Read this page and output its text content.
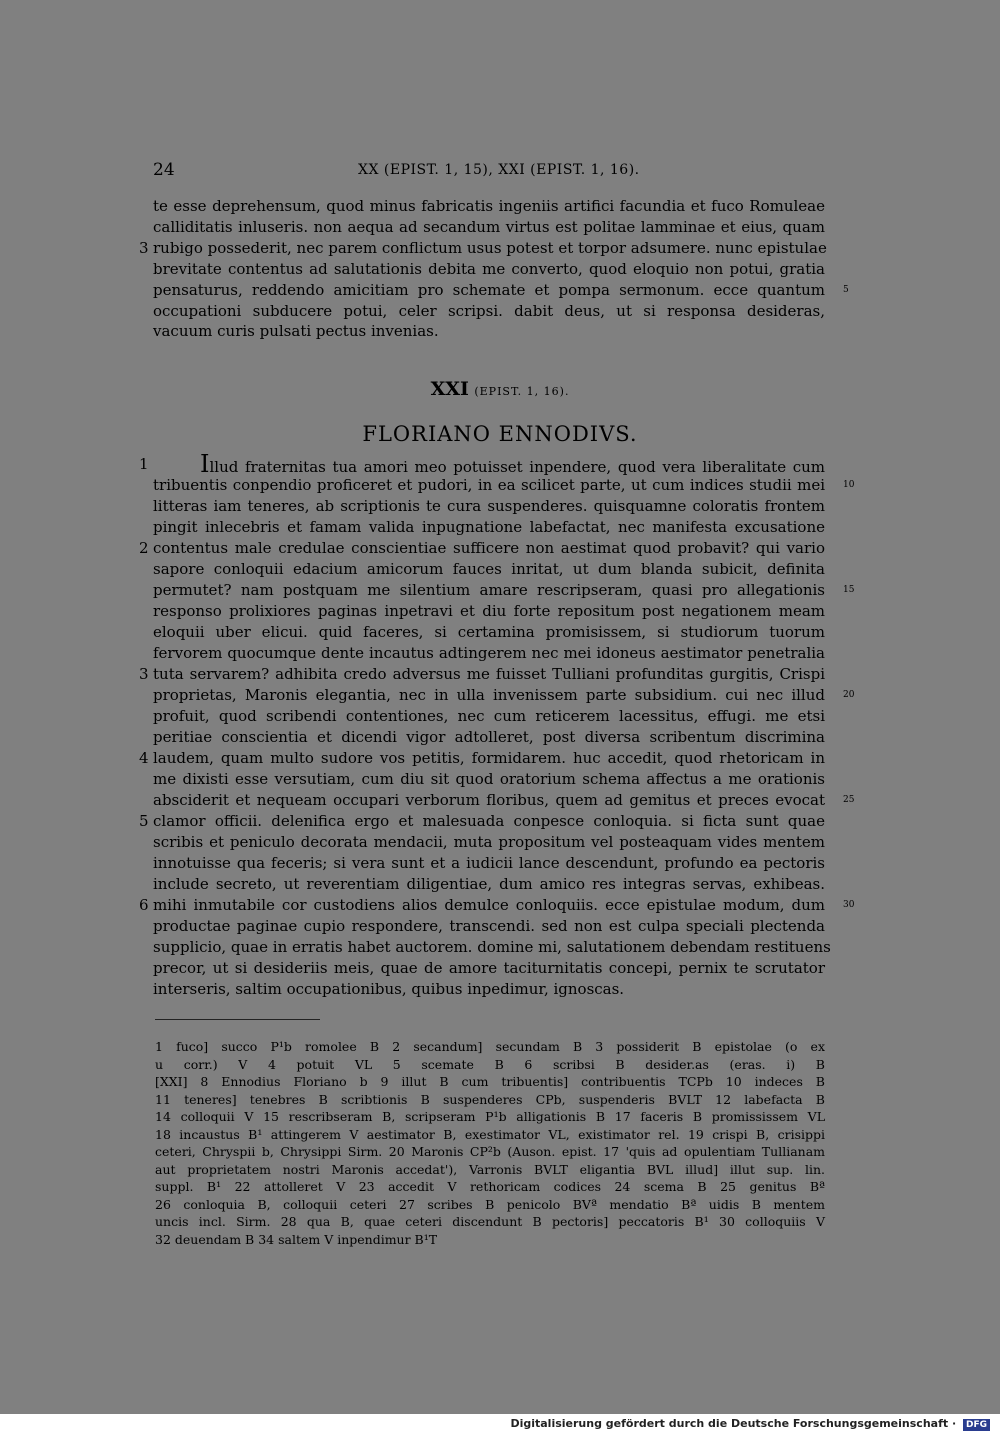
24	XX (EPIST. 1, 15), XXI (EPIST. 1, 16).
te esse deprehensum, quod minus fabricatis ingeniis artifici facundia et fuco Romuleae
calliditatis inluseris. non aequa ad secandum virtus est politae lamminae et eius, quam
rubigo possederit, nec parem conflictum usus potest et torpor adsumere. nunc epistulae
brevitate contentus ad salutationis debita me converto, quod eloquio non potui, gratia
pensaturus, reddendo amicitiam pro schemate et pompa sermonum. ecce quantum
occupationi subducere potui, celer scripsi. dabit deus, ut si responsa desideras,
vacuum curis pulsati pectus invenias.
3
5
XXI (EPIST. 1, 16).
FLORIANO ENNODIVS.
Illud fraternitas tua amori meo potuisset inpendere, quod vera liberalitate cum
tribuentis conpendio proficeret et pudori, in ea scilicet parte, ut cum indices studii mei
litteras iam teneres, ab scriptionis te cura suspenderes. quisquamne coloratis frontem
pingit inlecebris et famam valida inpugnatione labefactat, nec manifesta excusatione
contentus male credulae conscientiae sufficere non aestimat quod probavit? qui vario
sapore conloquii edacium amicorum fauces inritat, ut dum blanda subicit, definita
permutet? nam postquam me silentium amare rescripseram, quasi pro allegationis
responso prolixiores paginas inpetravi et diu forte repositum post negationem meam
eloquii uber elicui. quid faceres, si certamina promisissem, si studiorum tuorum
fervorem quocumque dente incautus adtingerem nec mei idoneus aestimator penetralia
tuta servarem? adhibita credo adversus me fuisset Tulliani profunditas gurgitis, Crispi
proprietas, Maronis elegantia, nec in ulla invenissem parte subsidium. cui nec illud
profuit, quod scribendi contentiones, nec cum reticerem lacessitus, effugi. me etsi
peritiae conscientia et dicendi vigor adtolleret, post diversa scribentum discrimina
laudem, quam multo sudore vos petitis, formidarem. huc accedit, quod rhetoricam in
me dixisti esse versutiam, cum diu sit quod oratorium schema affectus a me orationis
absciderit et nequeam occupari verborum floribus, quem ad gemitus et preces evocat
clamor officii. delenifica ergo et malesuada conpesce conloquia. si ficta sunt quae
scribis et peniculo decorata mendacii, muta propositum vel posteaquam vides mentem
innotuisse qua feceris; si vera sunt et a iudicii lance descendunt, profundo ea pectoris
include secreto, ut reverentiam diligentiae, dum amico res integras servas, exhibeas.
mihi inmutabile cor custodiens alios demulce conloquiis. ecce epistulae modum, dum
productae paginae cupio respondere, transcendi. sed non est culpa speciali plectenda
supplicio, quae in erratis habet auctorem. domine mi, salutationem debendam restituens
precor, ut si desideriis meis, quae de amore taciturnitatis concepi, pernix te scrutator
interseris, saltim occupationibus, quibus inpedimur, ignoscas.
1
2
3
4
5
6
10
15
20
25
30
1 fuco] succo P¹b romolee B 2 secandum] secundam B 3 possiderit B epistolae (o ex
u corr.) V 4 potuit VL 5 scemate B 6 scribsi B desider.as (eras. i) B
[XXI] 8 Ennodius Floriano b 9 illut B cum tribuentis] contribuentis TCPb 10 indeces B
11 teneres] tenebres B scribtionis B suspenderes CPb, suspenderis BVLT 12 labefacta B
14 colloquii V 15 rescribseram B, scripseram P¹b alligationis B 17 faceris B promississem VL
18 incaustus B¹ attingerem V aestimator B, exestimator VL, existimator rel. 19 crispi B, crisippi
ceteri, Chryspii b, Chrysippi Sirm. 20 Maronis CP²b (Auson. epist. 17 'quis ad opulentiam Tullianam
aut proprietatem nostri Maronis accedat'), Varronis BVLT eligantia BVL illud] illut sup. lin.
suppl. B¹ 22 attolleret V 23 accedit V rethoricam codices 24 scema B 25 genitus Bª
26 conloquia B, colloquii ceteri 27 scribes B penicolo BVª mendatio Bª uidis B mentem
uncis incl. Sirm. 28 qua B, quae ceteri discendunt B pectoris] peccatoris B¹ 30 colloquiis V
32 deuendam B 34 saltem V inpendimur B¹T
Digitalisierung gefördert durch die Deutsche Forschungsgemeinschaft · DFG
